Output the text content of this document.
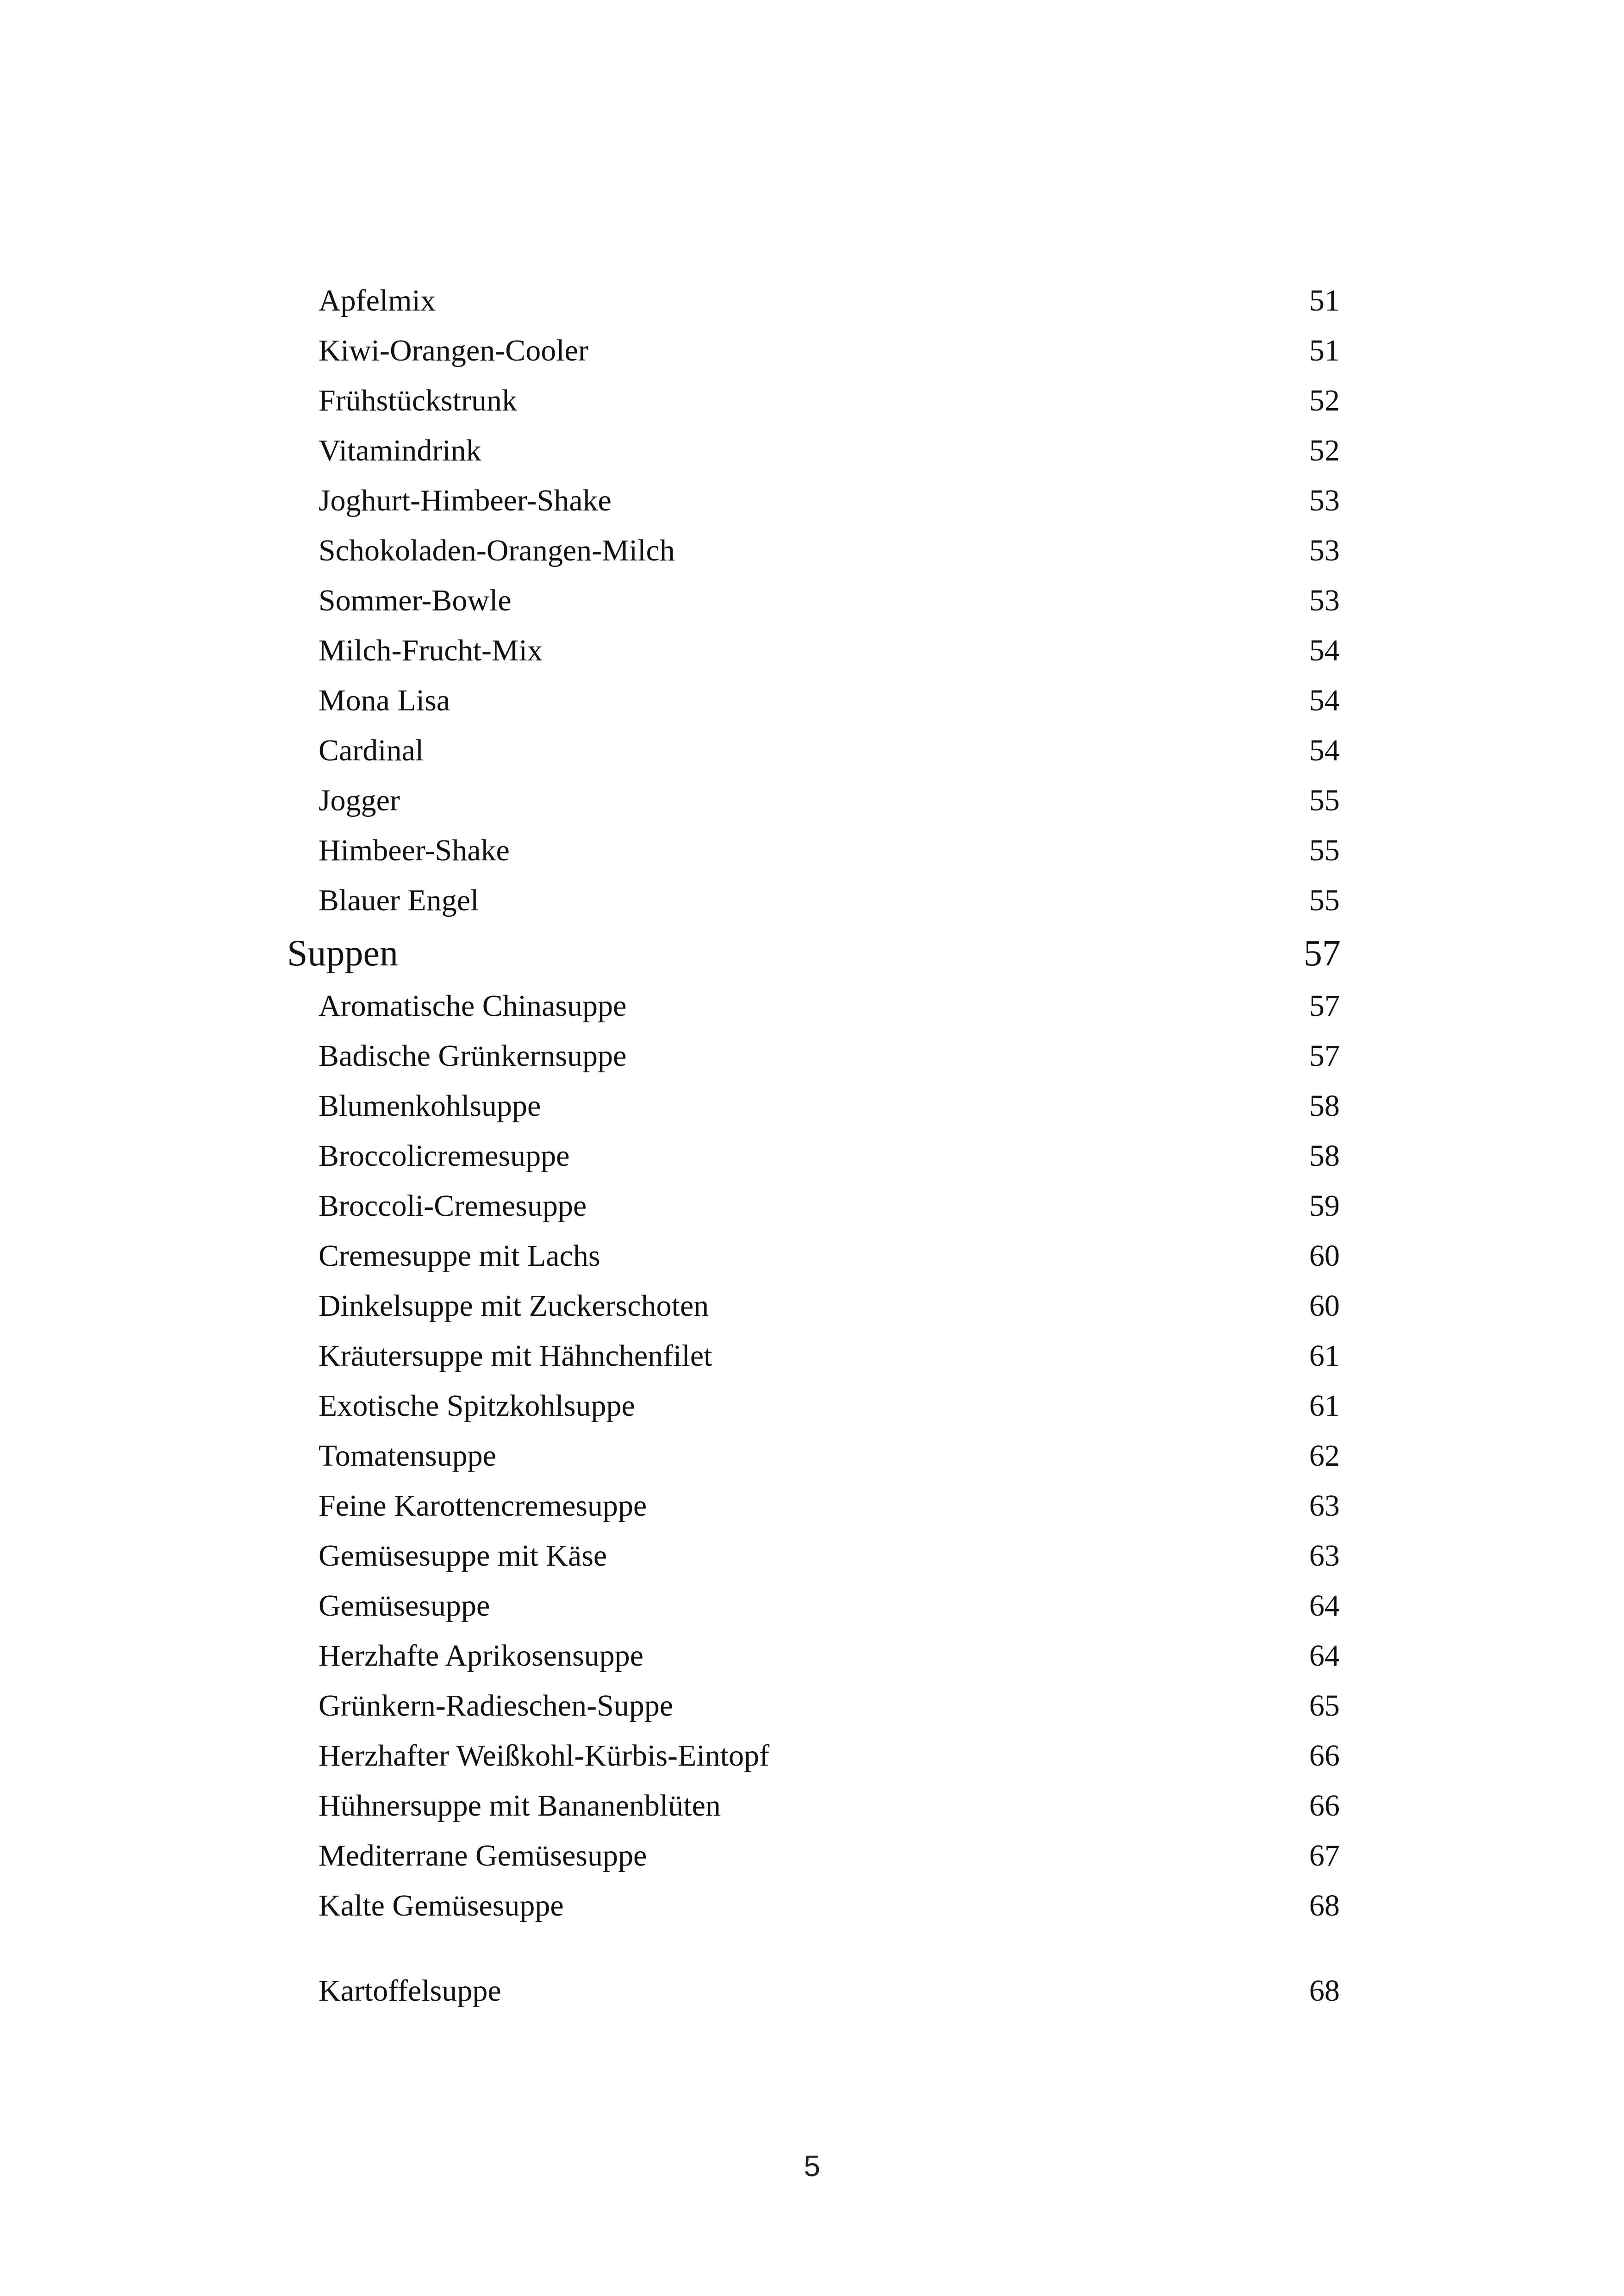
Apfelmix	51
Kiwi-Orangen-Cooler	51
Frühstückstrunk	52
Vitamindrink	52
Joghurt-Himbeer-Shake	53
Schokoladen-Orangen-Milch	53
Sommer-Bowle	53
Milch-Frucht-Mix	54
Mona Lisa	54
Cardinal	54
Jogger	55
Himbeer-Shake	55
Blauer Engel	55
Suppen	57
Aromatische Chinasuppe	57
Badische Grünkernsuppe	57
Blumenkohlsuppe	58
Broccolicremesuppe	58
Broccoli-Cremesuppe	59
Cremesuppe mit Lachs	60
Dinkelsuppe mit Zuckerschoten	60
Kräutersuppe mit Hähnchenfilet	61
Exotische Spitzkohlsuppe	61
Tomatensuppe	62
Feine Karottencremesuppe	63
Gemüsesuppe mit Käse	63
Gemüsesuppe	64
Herzhafte Aprikosensuppe	64
Grünkern-Radieschen-Suppe	65
Herzhafter Weißkohl-Kürbis-Eintopf	66
Hühnersuppe mit Bananenblüten	66
Mediterrane Gemüsesuppe	67
Kalte Gemüsesuppe	68
Kartoffelsuppe	68
5
